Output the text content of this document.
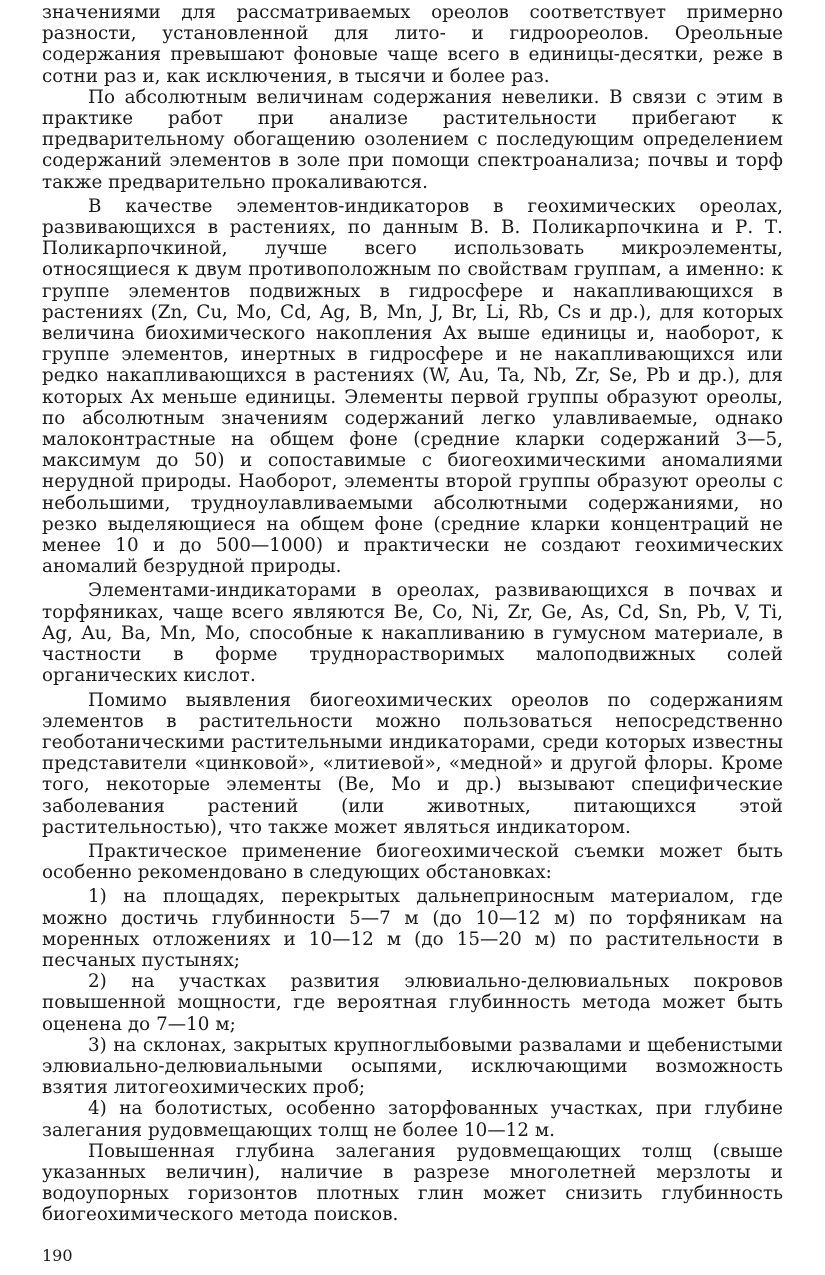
значениями для рассматриваемых ореолов соответствует примерно разности, установленной для лито- и гидроореолов. Ореольные содержания превышают фоновые чаще всего в единицы-десятки, реже в сотни раз и, как исключения, в тысячи и более раз.

По абсолютным величинам содержания невелики. В связи с этим в практике работ при анализе растительности прибегают к предварительному обогащению озолением с последующим определением содержаний элементов в золе при помощи спектроанализа; почвы и торф также предварительно прокаливаются.

В качестве элементов-индикаторов в геохимических ореолах, развивающихся в растениях, по данным В. В. Поликарпочкина и Р. Т. Поликарпочкиной, лучше всего использовать микроэлементы, относящиеся к двум противоположным по свойствам группам, а именно: к группе элементов подвижных в гидросфере и накапливающихся в растениях (Zn, Cu, Mo, Cd, Ag, B, Mn, J, Br, Li, Rb, Cs и др.), для которых величина биохимического накопления Ax выше единицы и, наоборот, к группе элементов, инертных в гидросфере и не накапливающихся или редко накапливающихся в растениях (W, Au, Ta, Nb, Zr, Se, Pb и др.), для которых Ax меньше единицы. Элементы первой группы образуют ореолы, по абсолютным значениям содержаний легко улавливаемые, однако малоконтрастные на общем фоне (средние кларки содержаний 3—5, максимум до 50) и сопоставимые с биогеохимическими аномалиями нерудной природы. Наоборот, элементы второй группы образуют ореолы с небольшими, трудноулавливаемыми абсолютными содержаниями, но резко выделяющиеся на общем фоне (средние кларки концентраций не менее 10 и до 500—1000) и практически не создают геохимических аномалий безрудной природы.

Элементами-индикаторами в ореолах, развивающихся в почвах и торфяниках, чаще всего являются Be, Co, Ni, Zr, Ge, As, Cd, Sn, Pb, V, Ti, Ag, Au, Ba, Mn, Mo, способные к накапливанию в гумусном материале, в частности в форме труднорастворимых малоподвижных солей органических кислот.

Помимо выявления биогеохимических ореолов по содержаниям элементов в растительности можно пользоваться непосредственно геоботаническими растительными индикаторами, среди которых известны представители «цинковой», «литиевой», «медной» и другой флоры. Кроме того, некоторые элементы (Be, Mo и др.) вызывают специфические заболевания растений (или животных, питающихся этой растительностью), что также может являться индикатором.

Практическое применение биогеохимической съемки может быть особенно рекомендовано в следующих обстановках:

1) на площадях, перекрытых дальнеприносным материалом, где можно достичь глубинности 5—7 м (до 10—12 м) по торфяникам на моренных отложениях и 10—12 м (до 15—20 м) по растительности в песчаных пустынях;

2) на участках развития элювиально-делювиальных покровов повышенной мощности, где вероятная глубинность метода может быть оценена до 7—10 м;

3) на склонах, закрытых крупноглыбовыми развалами и щебенистыми элювиально-делювиальными осыпями, исключающими возможность взятия литогеохимических проб;

4) на болотистых, особенно заторфованных участках, при глубине залегания рудовмещающих толщ не более 10—12 м.

Повышенная глубина залегания рудовмещающих толщ (свыше указанных величин), наличие в разрезе многолетней мерзлоты и водоупорных горизонтов плотных глин может снизить глубинность биогеохимического метода поисков.

190
